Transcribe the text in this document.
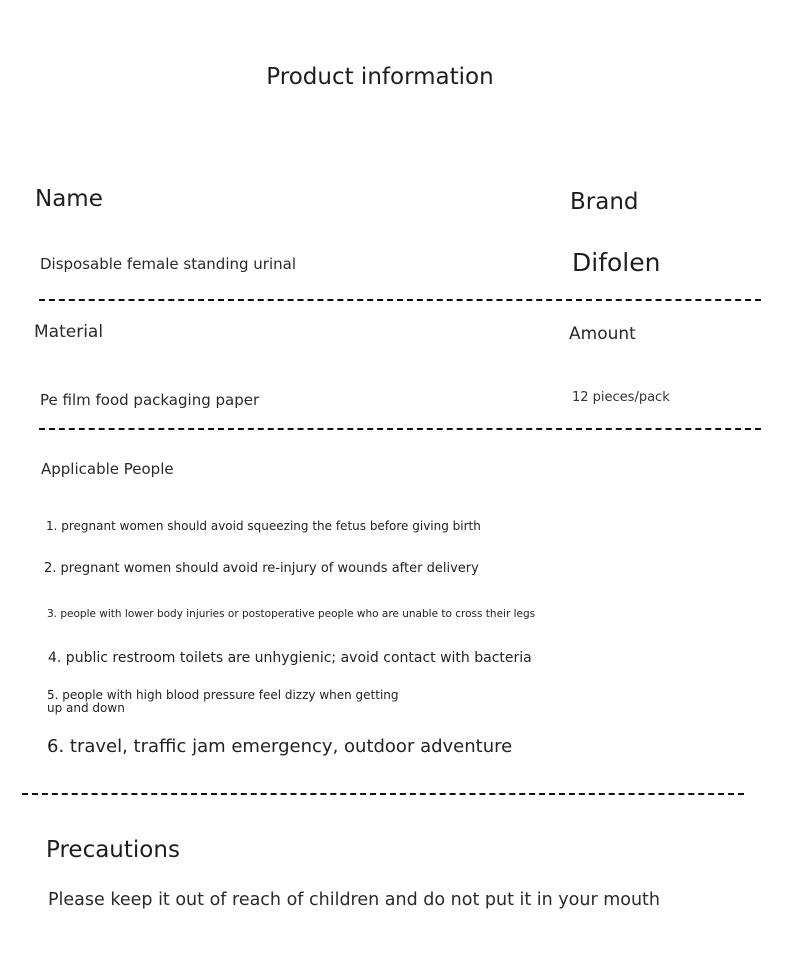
Product information
Name	Brand
Disposable female standing urinal	Difolen
Material	Amount
Pe film food packaging paper	12 pieces/pack
Applicable People
1. pregnant women should avoid squeezing the fetus before giving birth
2. pregnant women should avoid re-injury of wounds after delivery
3. people with lower body injuries or postoperative people who are unable to cross their legs
4. public restroom toilets are unhygienic; avoid contact with bacteria
5. people with high blood pressure feel dizzy when getting up and down
6. travel, traffic jam emergency, outdoor adventure
Precautions
Please keep it out of reach of children and do not put it in your mouth
